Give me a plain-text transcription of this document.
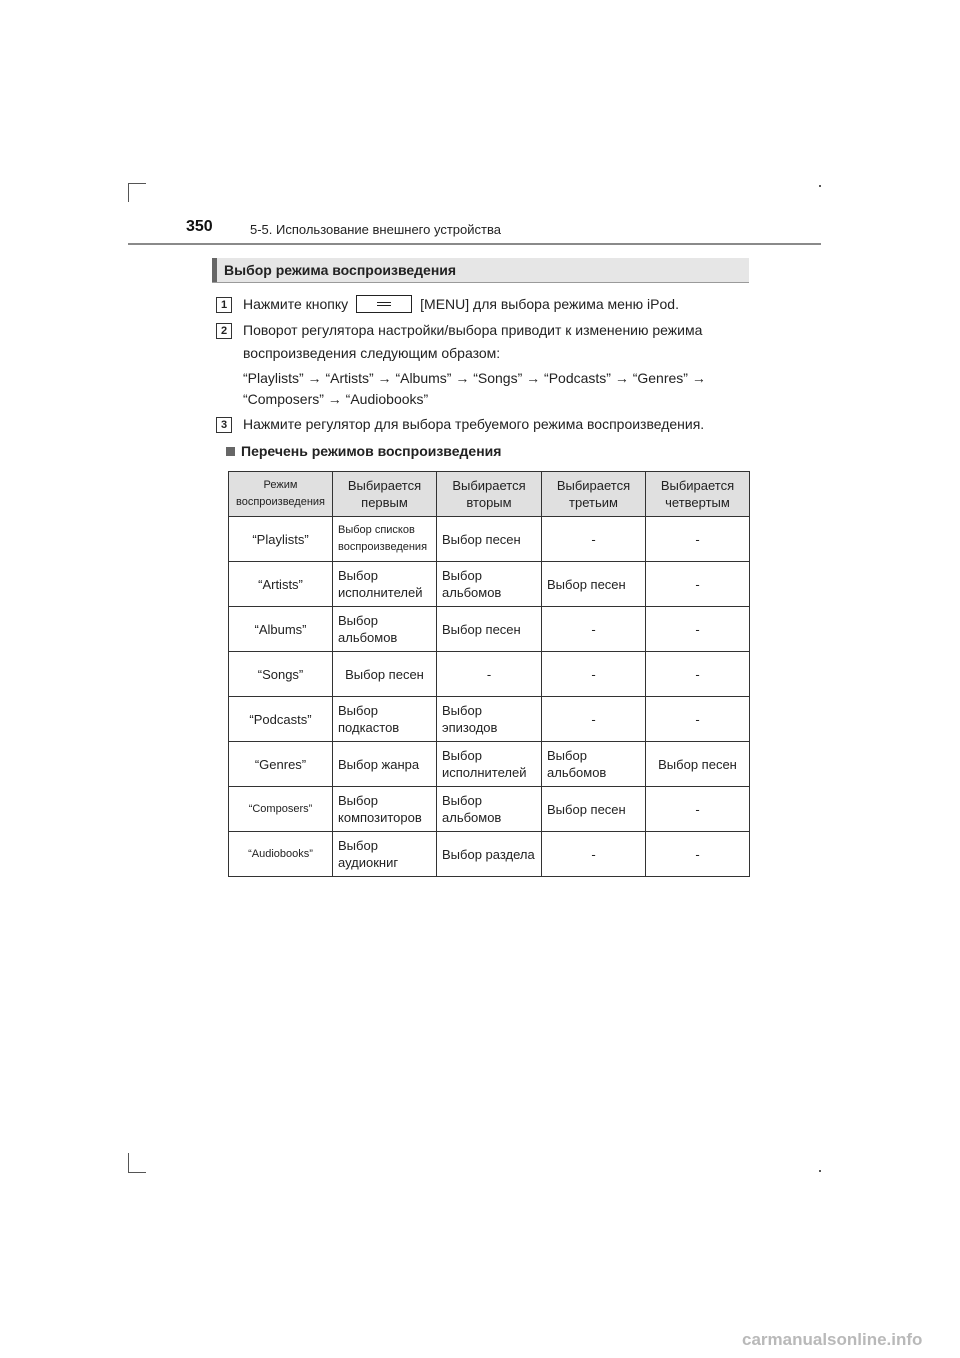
350	5-5. Использование внешнего устройства
Выбор режима воспроизведения
1	Нажмите кнопку	[MENU] для выбора режима меню iPod.
2	Поворот регулятора настройки/выбора приводит к изменению режима
воспроизведения следующим образом:
“Playlists” → “Artists” → “Albums” → “Songs” → “Podcasts” → “Genres” →
“Composers” → “Audiobooks”
3	Нажмите регулятор для выбора требуемого режима воспроизведения.
Перечень режимов воспроизведения
Режим воспроизведения	Выбирается первым	Выбирается вторым	Выбирается третьим	Выбирается четвертым
“Playlists”	Выбор списков воспроизведения	Выбор песен	-	-
“Artists”	Выбор исполнителей	Выбор альбомов	Выбор песен	-
“Albums”	Выбор альбомов	Выбор песен	-	-
“Songs”	Выбор песен	-	-	-
“Podcasts”	Выбор подкастов	Выбор эпизодов	-	-
“Genres”	Выбор жанра	Выбор исполнителей	Выбор альбомов	Выбор песен
“Composers”	Выбор композиторов	Выбор альбомов	Выбор песен	-
“Audiobooks”	Выбор аудиокниг	Выбор раздела	-	-
carmanualsonline.info
